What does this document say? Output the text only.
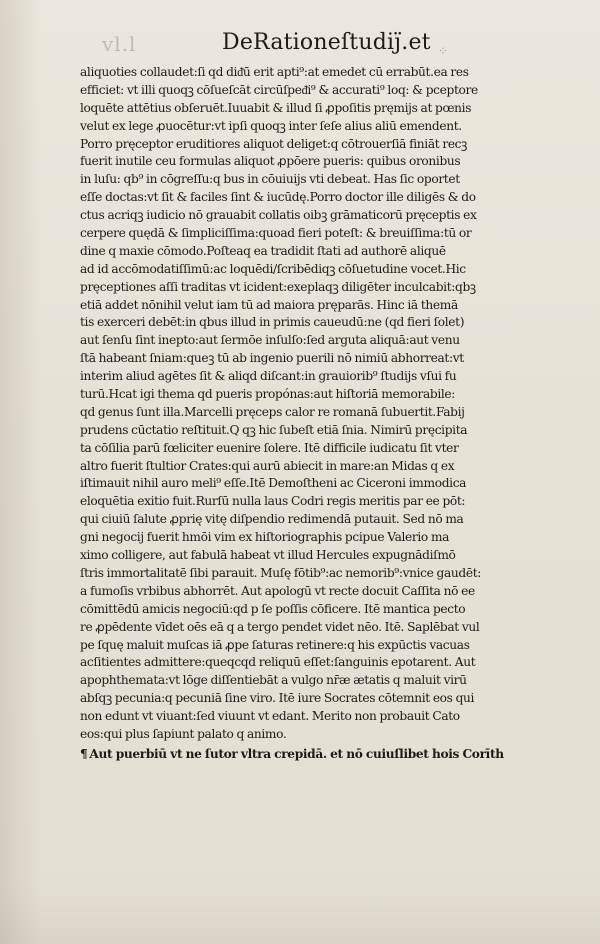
vl.l	DeRationeſtudiȷ̈.et ⁘
aliquoties collaudet:ſi qd diᵭū erit apti⁹:at emedet cū errabūt.ea res
efficiet: vt illi quoqꝫ cōſueſcāt circūſpeᵭi⁹ & accurati⁹ loq: & pceptore
loquēte attētius obſeruēt.Iuuabit & illud ſi ꝓpoſitis pręmijs at pœnis
velut ex lege ꝓuocētur:vt ipſi quoqꝫ inter ſeſe alius aliū emendent.
Porro pręceptor eruditiores aliquot deliget:q cōtrouerſiā finiāt recꝫ
fuerit inutile ceu formulas aliquot ꝓpōere pueris: quibus oronibus
in luſu: qb⁹ in cōgreſſu:q bus in cōuiuijs vti debeat. Has ſic oportet
eſſe doctas:vt ſit & faciles ſint & iucūdę.Porro doctor ille diligēs & do
ctus acriqꝫ iudicio nō grauabit collatis oibꝫ grāmaticorū pręceptis ex
cerpere quędā & ſimpliciſſima:quoad fieri poteſt: & breuiſſima:tū or
dine q maxie cōmodo.Poſteaq ea tradidit ſtati ad authorē aliquē
ad id accōmodatiſſimū:ac loquēdi/ſcribēdiqꝫ cōſuetudine vocet.Hic
pręceptiones aſſi traditas vt icident:exeplaqꝫ diligēter inculcabit:qbꝫ
etiā addet nōnihil velut iam tū ad maiora pręparās. Hinc iā themā
tis exerceri debēt:in qbus illud in primis caueudū:ne (qd fieri ſolet)
aut ſenſu ſint inepto:aut ſermōe inſulſo:ſed arguta aliquā:aut venu
ſtā habeant ſniam:queꝫ tū ab ingenio puerili nō nimiū abhorreat:vt
interim aliud agētes ſit & aliqd diſcant:in grauiorib⁹ ſtudijs vſui fu
turū.Hcat igi thema qd pueris propónas:aut hiſtoriā memorabile:
qd genus ſunt illa.Marcelli pręceps calor re romanā ſubuertit.Fabij
prudens cūctatio reſtituit.Q qꝫ hic ſubeſt etiā ſnia. Nimirū pręcipita
ta cōſilia parū fœliciter euenire ſolere. Itē difficile iudicatu ſit vter
altro fuerit ſtultior Crates:qui aurū abiecit in mare:an Midas q ex
iſtimauit nihil auro meli⁹ eſſe.Itē Demoſtheni ac Ciceroni immodica
eloquētia exitio fuit.Rurſū nulla laus Codri regis meritis par ee pōt:
qui ciuiū ſalute ꝓprię vitę diſpendio redimendā putauit. Sed nō ma
gni negocij fuerit hmōi vim ex hiſtoriographis pcipue Valerio ma
ximo colligere, aut fabulā habeat vt illud Hercules expugnādiſmō
ſtris immortalitatē ſibi parauit. Muſę fōtib⁹:ac nemorib⁹:vnice gaudēt:
a fumoſis vrbibus abhorrēt. Aut apologū vt recte docuit Caſſita nō ee
cōmittēdū amicis negociū:qd p ſe poſſis cōficere. Itē mantica pecto
re ꝓpēdente vīdet oēs eā q a tergo pendet videt nēo. Itē. Saplēbat vul
pe ſquę maluit muſcas iā ꝓpe ſaturas retinere:q his expūctis vacuas
acſitientes admittere:queqcqd reliquū eſſet:ſanguinis epotarent. Aut
apophthemata:vt lōge diſſentiebāt a vulgo nr̄æ ætatis q maluit virū
abſqꝫ pecunia:q pecuniā ſine viro. Itē iure Socrates cōtemnit eos qui
non edunt vt viuant:ſed viuunt vt edant. Merito non probauit Cato
eos:qui plus ſapiunt palato q animo.
¶ Aut puerbiū vt ne ſutor vltra crepidā. et nō cuiuſlibet hois Corīth
